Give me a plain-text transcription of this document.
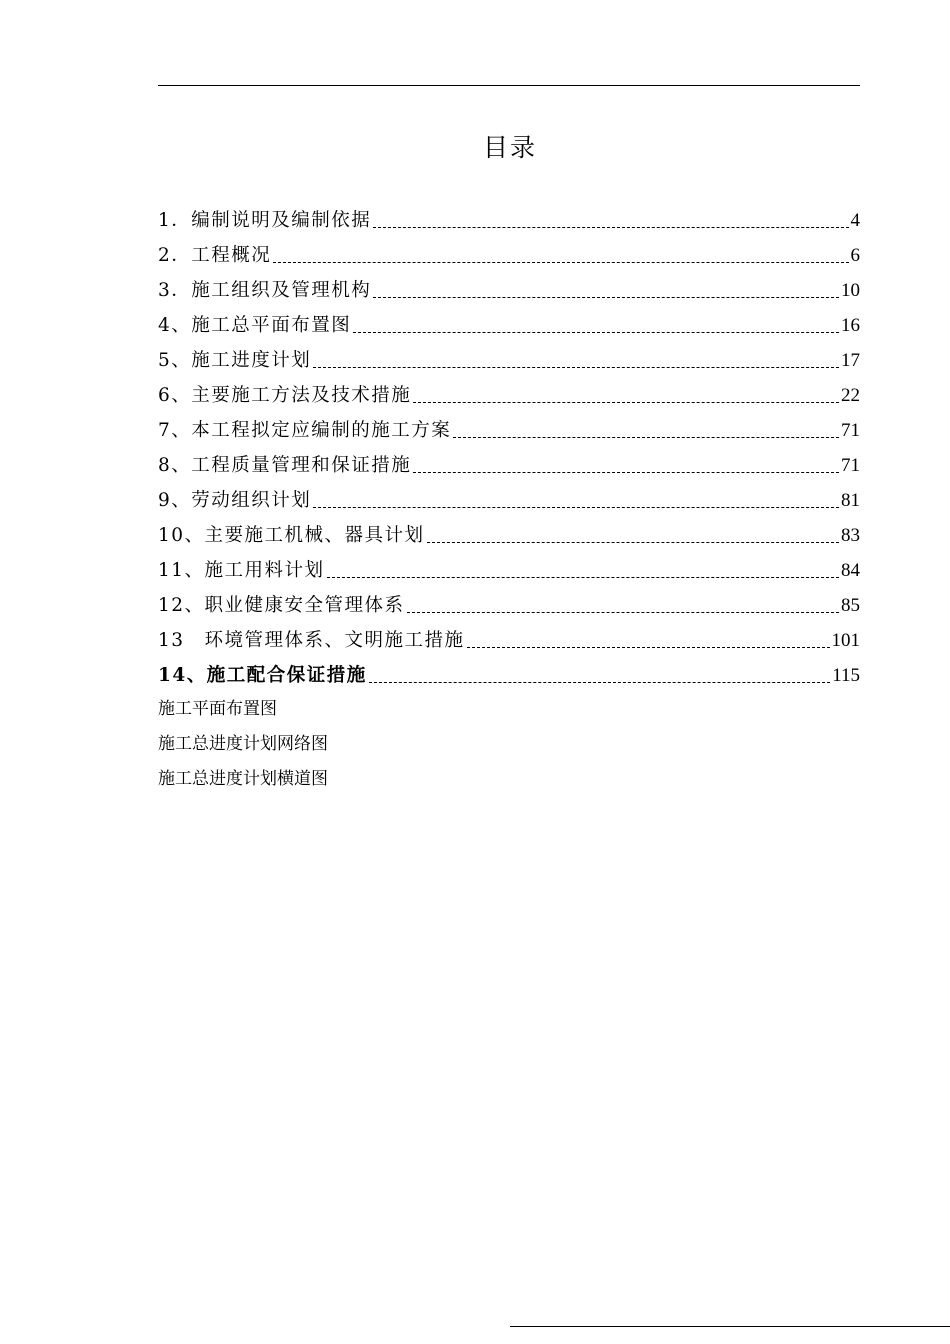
目录
1．编制说明及编制依据	4
2．工程概况	6
3．施工组织及管理机构	10
4、施工总平面布置图	16
5、施工进度计划	17
6、主要施工方法及技术措施	22
7、本工程拟定应编制的施工方案	71
8、工程质量管理和保证措施	71
9、劳动组织计划	81
10、主要施工机械、器具计划	83
11、施工用料计划	84
12、职业健康安全管理体系	85
13　环境管理体系、文明施工措施	101
14、施工配合保证措施	115
施工平面布置图
施工总进度计划网络图
施工总进度计划横道图
